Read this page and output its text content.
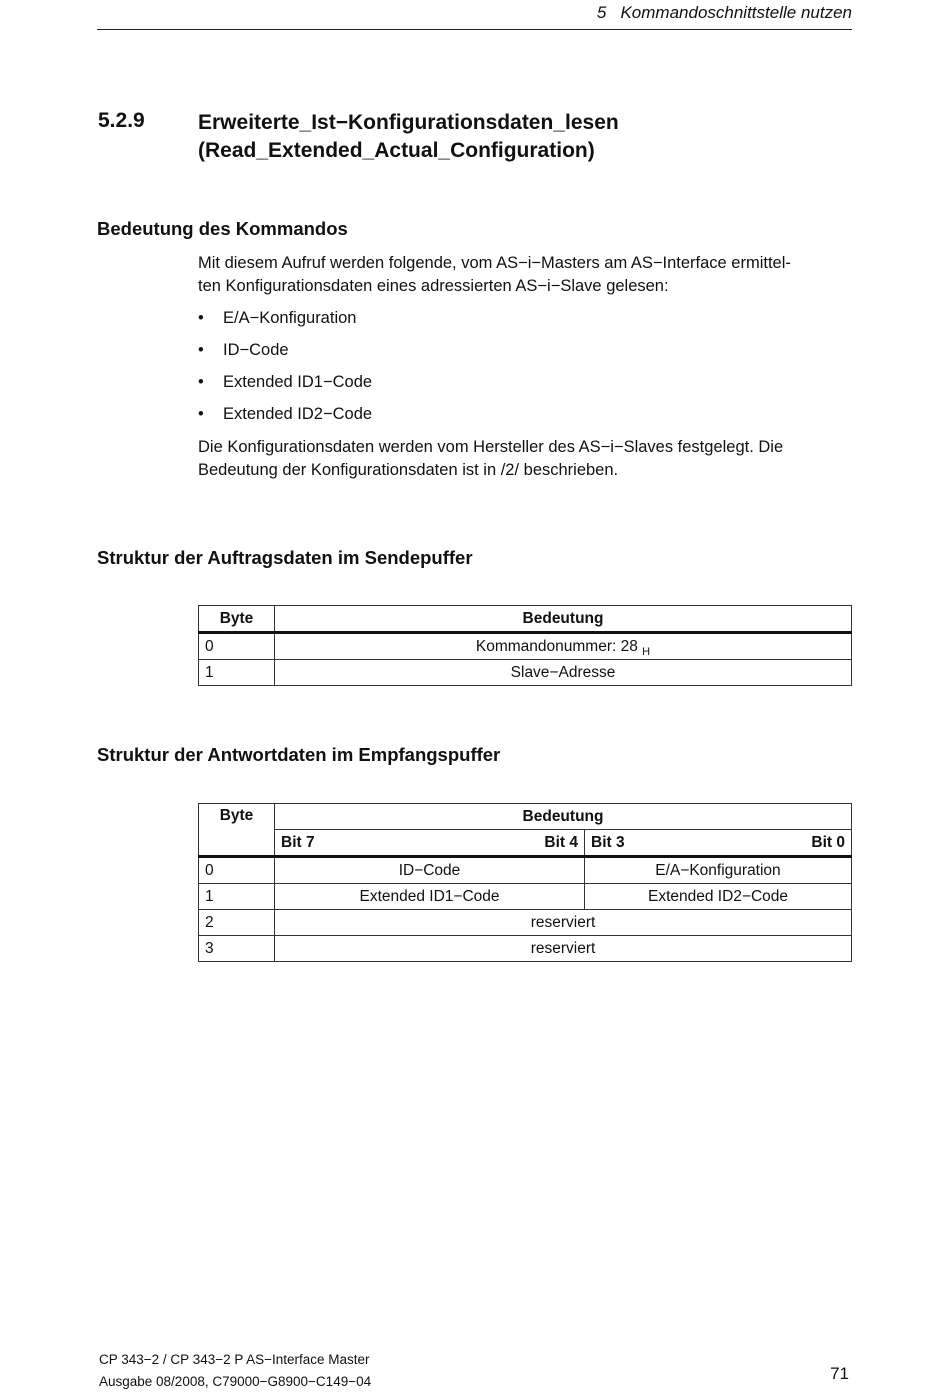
5   Kommandoschnittstelle nutzen
5.2.9	Erweiterte_Ist−Konfigurationsdaten_lesen
(Read_Extended_Actual_Configuration)
Bedeutung des Kommandos
Mit diesem Aufruf werden folgende, vom AS−i−Masters am AS−Interface ermittel-
ten Konfigurationsdaten eines adressierten AS−i−Slave gelesen:
• E/A−Konfiguration
• ID−Code
• Extended ID1−Code
• Extended ID2−Code
Die Konfigurationsdaten werden vom Hersteller des AS−i−Slaves festgelegt. Die
Bedeutung der Konfigurationsdaten ist in /2/ beschrieben.
Struktur der Auftragsdaten im Sendepuffer
Byte	Bedeutung
0	Kommandonummer: 28 $_H$
1	Slave−Adresse
Struktur der Antwortdaten im Empfangspuffer
Byte	Bedeutung			
	Bit 7	Bit 4	Bit 3	Bit 0
0	ID−Code		E/A−Konfiguration	
1	Extended ID1−Code		Extended ID2−Code	
2	reserviert			
3	reserviert			
CP 343−2 / CP 343−2 P AS−Interface Master
Ausgabe 08/2008, C79000−G8900−C149−04	71
